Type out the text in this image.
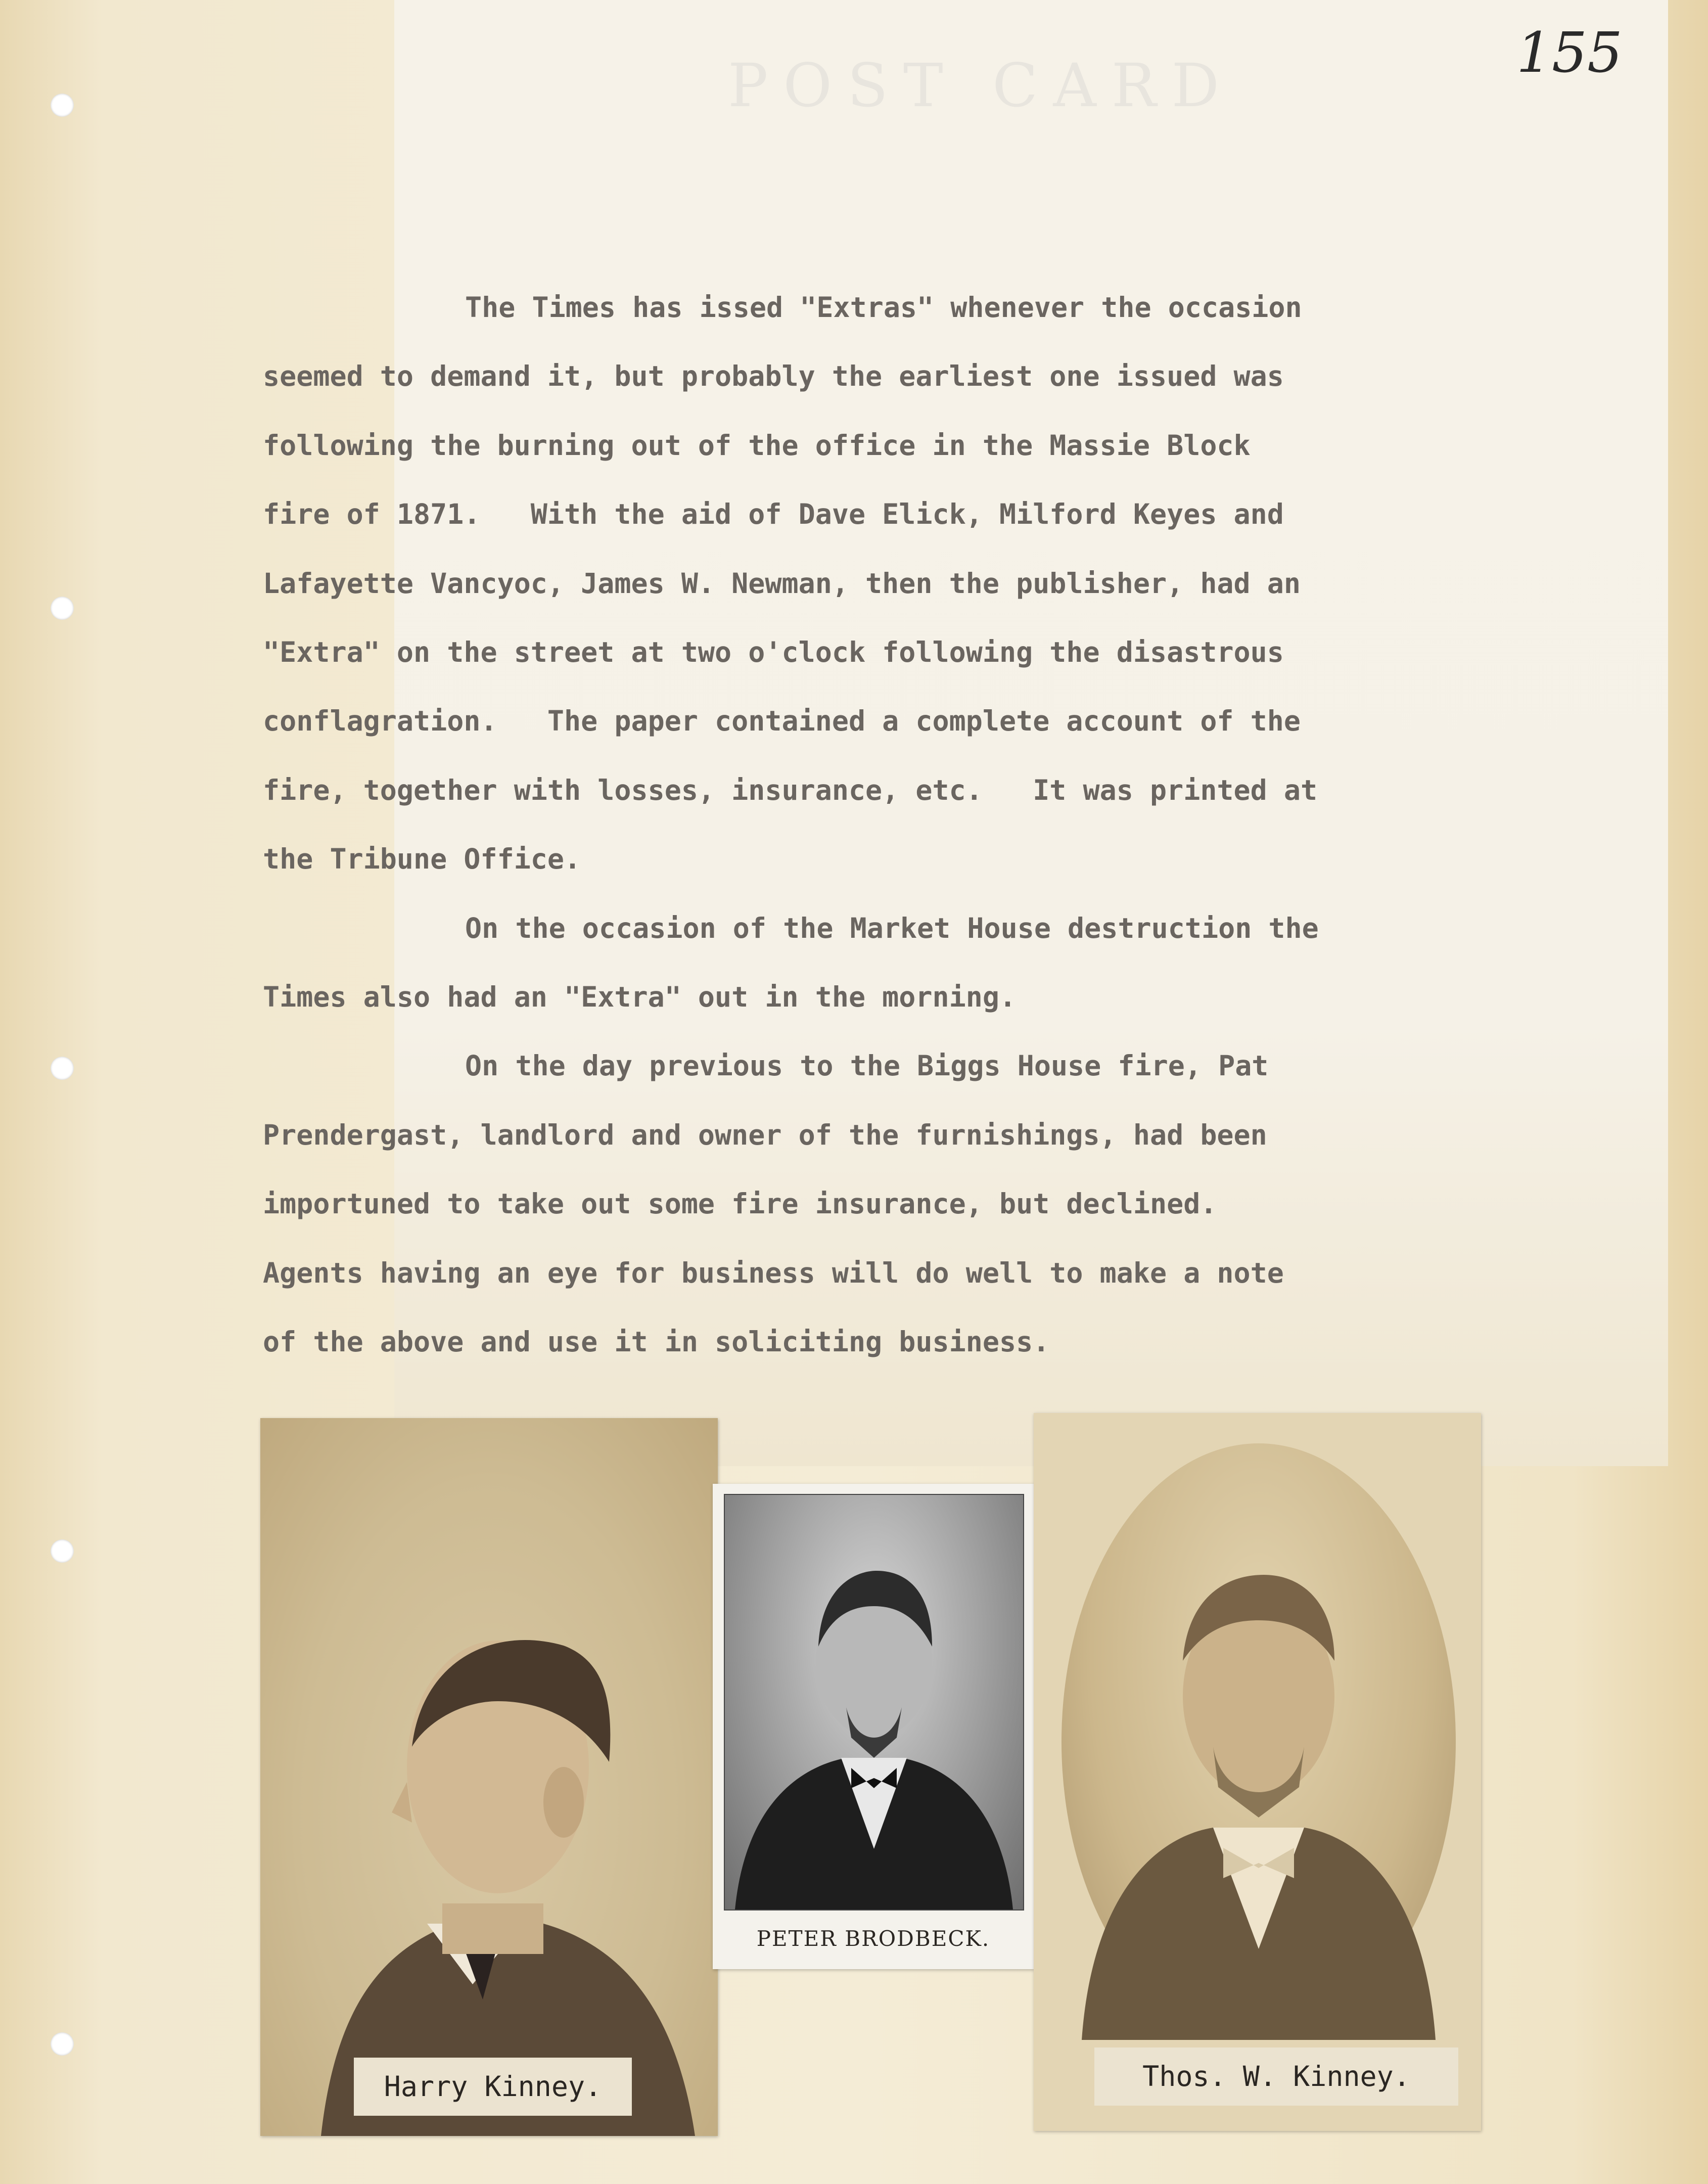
POST CARD	155

The Times has issed "Extras" whenever the occasion
seemed to demand it, but probably the earliest one issued was
following the burning out of the office in the Massie Block
fire of 1871.   With the aid of Dave Elick, Milford Keyes and
Lafayette Vancyoc, James W. Newman, then the publisher, had an
"Extra" on the street at two o'clock following the disastrous
conflagration.   The paper contained a complete account of the
fire, together with losses, insurance, etc.   It was printed at
the Tribune Office.

On the occasion of the Market House destruction the
Times also had an "Extra" out in the morning.

On the day previous to the Biggs House fire, Pat
Prendergast, landlord and owner of the furnishings, had been
importuned to take out some fire insurance, but declined.
Agents having an eye for business will do well to make a note
of the above and use it in soliciting business.

Harry Kinney.
PETER BRODBECK.
Thos. W. Kinney.
